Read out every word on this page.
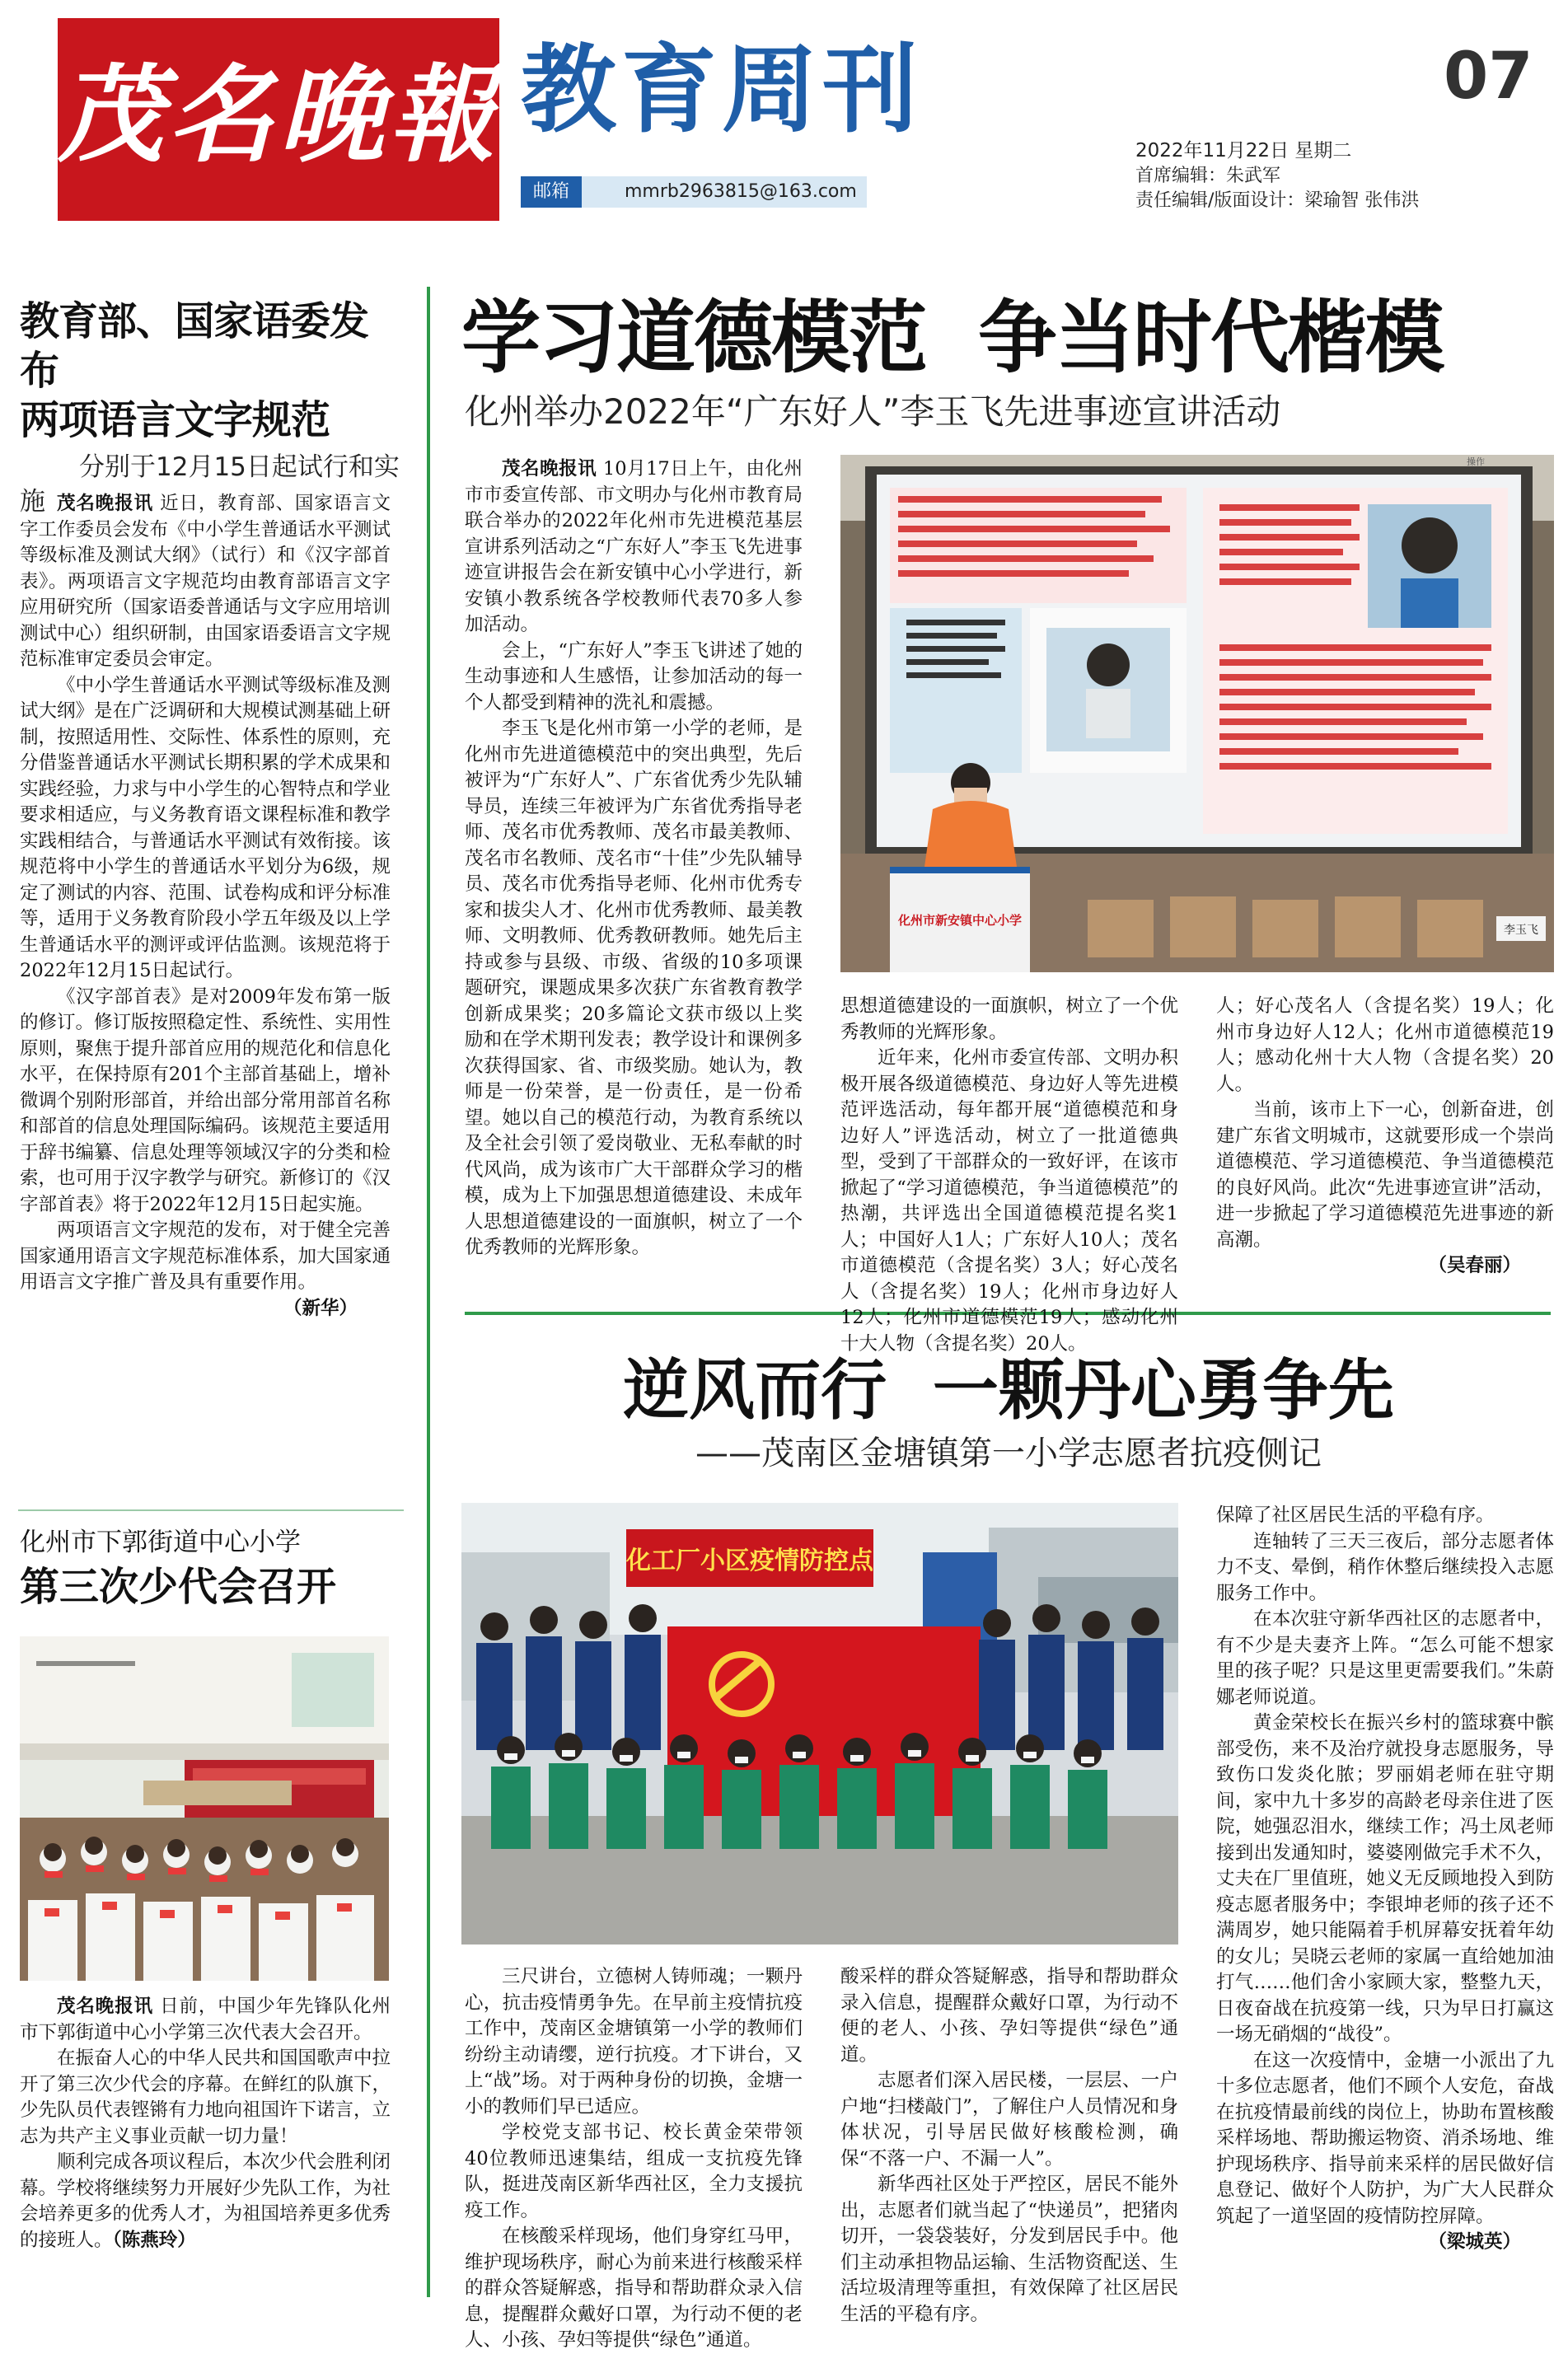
茂名晚報 教育周刊	07
邮箱	mmrb2963815@163.com
2022年11月22日 星期二
首席编辑：朱武军
责任编辑/版面设计：梁瑜智 张伟洪
教育部、国家语委发布
两项语言文字规范
分别于12月15日起试行和实施 茂名晚报讯 近日，教育部、国家语言文字工作委员会发布《中小学生普通话水平测试等级标准及测试大纲》（试行）和《汉字部首表》。两项语言文字规范均由教育部语言文字应用研究所（国家语委普通话与文字应用培训测试中心）组织研制，由国家语委语言文字规范标准审定委员会审定。

《中小学生普通话水平测试等级标准及测试大纲》是在广泛调研和大规模试测基础上研制，按照适用性、交际性、体系性的原则，充分借鉴普通话水平测试长期积累的学术成果和实践经验，力求与中小学生的心智特点和学业要求相适应，与义务教育语文课程标准和教学实践相结合，与普通话水平测试有效衔接。该规范将中小学生的普通话水平划分为6级，规定了测试的内容、范围、试卷构成和评分标准等，适用于义务教育阶段小学五年级及以上学生普通话水平的测评或评估监测。该规范将于2022年12月15日起试行。

《汉字部首表》是对2009年发布第一版的修订。修订版按照稳定性、系统性、实用性原则，聚焦于提升部首应用的规范化和信息化水平，在保持原有201个主部首基础上，增补微调个别附形部首，并给出部分常用部首名称和部首的信息处理国际编码。该规范主要适用于辞书编纂、信息处理等领域汉字的分类和检索，也可用于汉字教学与研究。新修订的《汉字部首表》将于2022年12月15日起实施。

两项语言文字规范的发布，对于健全完善国家通用语言文字规范标准体系，加大国家通用语言文字推广普及具有重要作用。

（新华）

化州市下郭街道中心小学
第三次少代会召开

茂名晚报讯 日前，中国少年先锋队化州市下郭街道中心小学第三次代表大会召开。

在振奋人心的中华人民共和国国歌声中拉开了第三次少代会的序幕。在鲜红的队旗下，少先队员代表铿锵有力地向祖国许下诺言，立志为共产主义事业贡献一切力量！

顺利完成各项议程后，本次少代会胜利闭幕。学校将继续努力开展好少先队工作，为社会培养更多的优秀人才，为祖国培养更多优秀的接班人。（陈燕玲）

学习道德模范  争当时代楷模
化州举办2022年“广东好人”李玉飞先进事迹宣讲活动

茂名晚报讯 10月17日上午，由化州市市委宣传部、市文明办与化州市教育局联合举办的2022年化州市先进模范基层宣讲系列活动之“广东好人”李玉飞先进事迹宣讲报告会在新安镇中心小学进行，新安镇小教系统各学校教师代表70多人参加活动。

会上，“广东好人”李玉飞讲述了她的生动事迹和人生感悟，让参加活动的每一个人都受到精神的洗礼和震撼。

李玉飞是化州市第一小学的老师，是化州市先进道德模范中的突出典型，先后被评为“广东好人”、广东省优秀少先队辅导员，连续三年被评为广东省优秀指导老师、茂名市优秀教师、茂名市最美教师、茂名市名教师、茂名市“十佳”少先队辅导员、茂名市优秀指导老师、化州市优秀专家和拔尖人才、化州市优秀教师、最美教师、文明教师、优秀教研教师。她先后主持或参与县级、市级、省级的10多项课题研究，课题成果多次获广东省教育教学创新成果奖；20多篇论文获市级以上奖励和在学术期刊发表；教学设计和课例多次获得国家、省、市级奖励。她认为，教师是一份荣誉，是一份责任，是一份希望。她以自己的模范行动，为教育系统以及全社会引领了爱岗敬业、无私奉献的时代风尚，成为该市广大干部群众学习的楷模，成为上下加强思想道德建设、未成年人思想道德建设的一面旗帜，树立了一个优秀教师的光辉形象。

化州市新安镇中心小学
李玉飞
操作

思想道德建设的一面旗帜，树立了一个优秀教师的光辉形象。

近年来，化州市委宣传部、文明办积极开展各级道德模范、身边好人等先进模范评选活动，每年都开展“道德模范和身边好人”评选活动，树立了一批道德典型，受到了干部群众的一致好评，在该市掀起了“学习道德模范，争当道德模范”的热潮，共评选出全国道德模范提名奖1人；中国好人1人；广东好人10人；茂名市道德模范（含提名奖）3人；好心茂名人（含提名奖）19人；化州市身边好人12人；化州市道德模范19人；感动化州十大人物（含提名奖）20人。

人；好心茂名人（含提名奖）19人；化州市身边好人12人；化州市道德模范19人；感动化州十大人物（含提名奖）20人。

当前，该市上下一心，创新奋进，创建广东省文明城市，这就要形成一个崇尚道德模范、学习道德模范、争当道德模范的良好风尚。此次“先进事迹宣讲”活动，进一步掀起了学习道德模范先进事迹的新高潮。

（吴春丽）

逆风而行  一颗丹心勇争先
——茂南区金塘镇第一小学志愿者抗疫侧记
化工厂小区疫情防控点

三尺讲台，立德树人铸师魂；一颗丹心，抗击疫情勇争先。在早前主疫情抗疫工作中，茂南区金塘镇第一小学的教师们纷纷主动请缨，逆行抗疫。才下讲台，又上“战”场。对于两种身份的切换，金塘一小的教师们早已适应。

学校党支部书记、校长黄金荣带领40位教师迅速集结，组成一支抗疫先锋队，挺进茂南区新华西社区，全力支援抗疫工作。

在核酸采样现场，他们身穿红马甲，维护现场秩序，耐心为前来进行核酸采样的群众答疑解惑，指导和帮助群众录入信息，提醒群众戴好口罩，为行动不便的老人、小孩、孕妇等提供“绿色”通道。

酸采样的群众答疑解惑，指导和帮助群众录入信息，提醒群众戴好口罩，为行动不便的老人、小孩、孕妇等提供“绿色”通道。

志愿者们深入居民楼，一层层、一户户地“扫楼敲门”，了解住户人员情况和身体状况，引导居民做好核酸检测，确保“不落一户、不漏一人”。

新华西社区处于严控区，居民不能外出，志愿者们就当起了“快递员”，把猪肉切开，一袋袋装好，分发到居民手中。他们主动承担物品运输、生活物资配送、生活垃圾清理等重担，有效保障了社区居民生活的平稳有序。

保障了社区居民生活的平稳有序。

连轴转了三天三夜后，部分志愿者体力不支、晕倒，稍作休整后继续投入志愿服务工作中。

在本次驻守新华西社区的志愿者中，有不少是夫妻齐上阵。“怎么可能不想家里的孩子呢？只是这里更需要我们。”朱蔚娜老师说道。

黄金荣校长在振兴乡村的篮球赛中髌部受伤，来不及治疗就投身志愿服务，导致伤口发炎化脓；罗丽娟老师在驻守期间，家中九十多岁的高龄老母亲住进了医院，她强忍泪水，继续工作；冯土凤老师接到出发通知时，婆婆刚做完手术不久，丈夫在厂里值班，她义无反顾地投入到防疫志愿者服务中；李银坤老师的孩子还不满周岁，她只能隔着手机屏幕安抚着年幼的女儿；吴晓云老师的家属一直给她加油打气……他们舍小家顾大家，整整九天，日夜奋战在抗疫第一线，只为早日打赢这一场无硝烟的“战役”。

在这一次疫情中，金塘一小派出了九十多位志愿者，他们不顾个人安危，奋战在抗疫情最前线的岗位上，协助布置核酸采样场地、帮助搬运物资、消杀场地、维护现场秩序、指导前来采样的居民做好信息登记、做好个人防护，为广大人民群众筑起了一道坚固的疫情防控屏障。

（梁城英）
